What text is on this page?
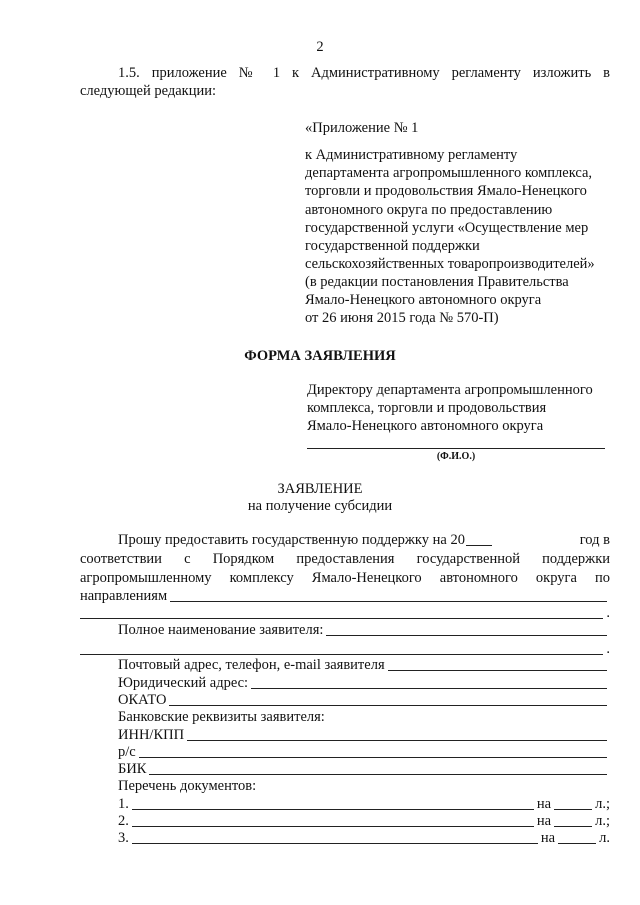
2
1.5. приложение № 1 к Административному регламенту изложить в
следующей редакции:
«Приложение № 1
к Административному регламенту
департамента агропромышленного комплекса,
торговли и продовольствия Ямало-Ненецкого
автономного округа по предоставлению
государственной услуги «Осуществление мер
государственной поддержки
сельскохозяйственных товаропроизводителей»
(в редакции постановления Правительства
Ямало-Ненецкого автономного округа
от 26 июня 2015 года № 570-П)
ФОРМА ЗАЯВЛЕНИЯ
Директору департамента агропромышленного
комплекса, торговли и продовольствия
Ямало-Ненецкого автономного округа
(Ф.И.О.)
ЗАЯВЛЕНИЕ
на получение субсидии
Прошу предоставить государственную поддержку на 20	год в
соответствии с Порядком предоставления государственной поддержки
агропромышленному комплексу Ямало-Ненецкого автономного округа по
направлениям
.
Полное наименование заявителя:
.
Почтовый адрес, телефон, e-mail заявителя
Юридический адрес:
ОКАТО
Банковские реквизиты заявителя:
ИНН/КПП
р/с
БИК
Перечень документов:
1.	на	л.;
2.	на	л.;
3.	на	л.
